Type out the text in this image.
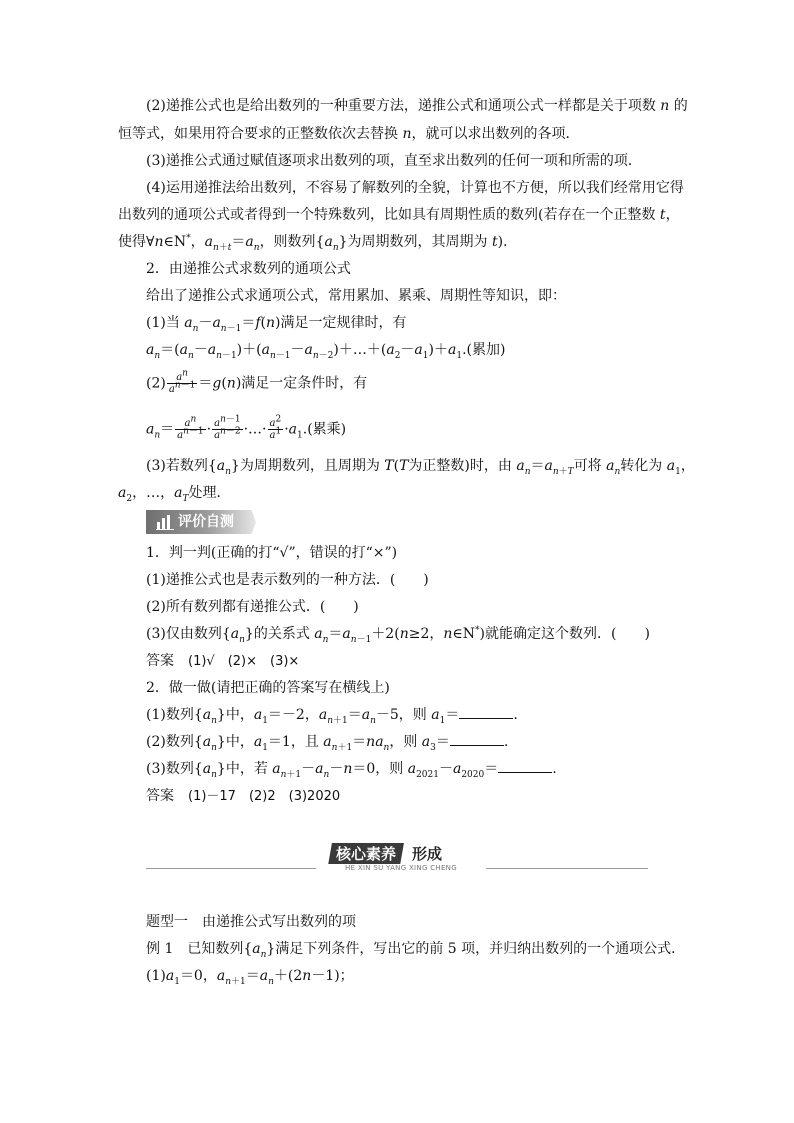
(2)递推公式也是给出数列的一种重要方法，递推公式和通项公式一样都是关于项数 n 的
恒等式，如果用符合要求的正整数依次去替换 n，就可以求出数列的各项．
(3)递推公式通过赋值逐项求出数列的项，直至求出数列的任何一项和所需的项．
(4)运用递推法给出数列，不容易了解数列的全貌，计算也不方便，所以我们经常用它得
出数列的通项公式或者得到一个特殊数列，比如具有周期性质的数列(若存在一个正整数 t，
使得∀n∈N*，$a_{n+t}=a_n$，则数列$\{a_n\}$为周期数列，其周期为 t)．
2．由递推公式求数列的通项公式
给出了递推公式求通项公式，常用累加、累乘、周期性等知识，即：
(1)当 $a_n-a_{n-1}=f(n)$满足一定规律时，有
$a_n=(a_n-a_{n-1})+(a_{n-1}-a_{n-2})+\dots+(a_2-a_1)+a_1$.(累加)
$(2) \frac{a^n}{a^{n-1}} =g(n)$满足一定条件时，有
$a_n= \frac{a^n}{a^{n-1}} \cdot \frac{a^{n-1}}{a^{n-2}}$ ·…· $\frac{a^2}{a^1} \cdot a_1$.(累乘)
(3)若数列$\{a_n\}$为周期数列，且周期为 T(T为正整数)时，由 $a_n=a_{n+T}$可将 $a_n$转化为 $a_1$，
$a_2$，…，$a_T$处理．
评价自测
1．判一判(正确的打“√”，错误的打“×”)
(1)递推公式也是表示数列的一种方法．(　　)
(2)所有数列都有递推公式．(　　)
(3)仅由数列$\{a_n\}$的关系式 $a_n=a_{n-1}+2(n\ge 2$，n∈N*)就能确定这个数列．(　　)
答案　 (1)√　(2)×　(3)×
2．做一做(请把正确的答案写在横线上)
(1)数列$\{a_n\}$中，$a_1=-2$，$a_{n+1}=a_n-5$，则 $a_1=$	.
(2)数列$\{a_n\}$中，$a_1=1$，且 $a_{n+1}=na_n$，则 $a_3=$	.
(3)数列$\{a_n\}$中，若 $a_{n+1}-a_n-n=0$，则 $a_{2021}-a_{2020}=$	.
答案　 (1)－17　(2)2　(3)2020
核心素养 形成
HE XIN SU YANG XING CHENG
题型一　由递推公式写出数列的项
例 1　已知数列$\{a_n\}$满足下列条件，写出它的前 5 项，并归纳出数列的一个通项公式．
$(1)a_1=0$，$a_{n+1}=a_n+(2n-1)$；
